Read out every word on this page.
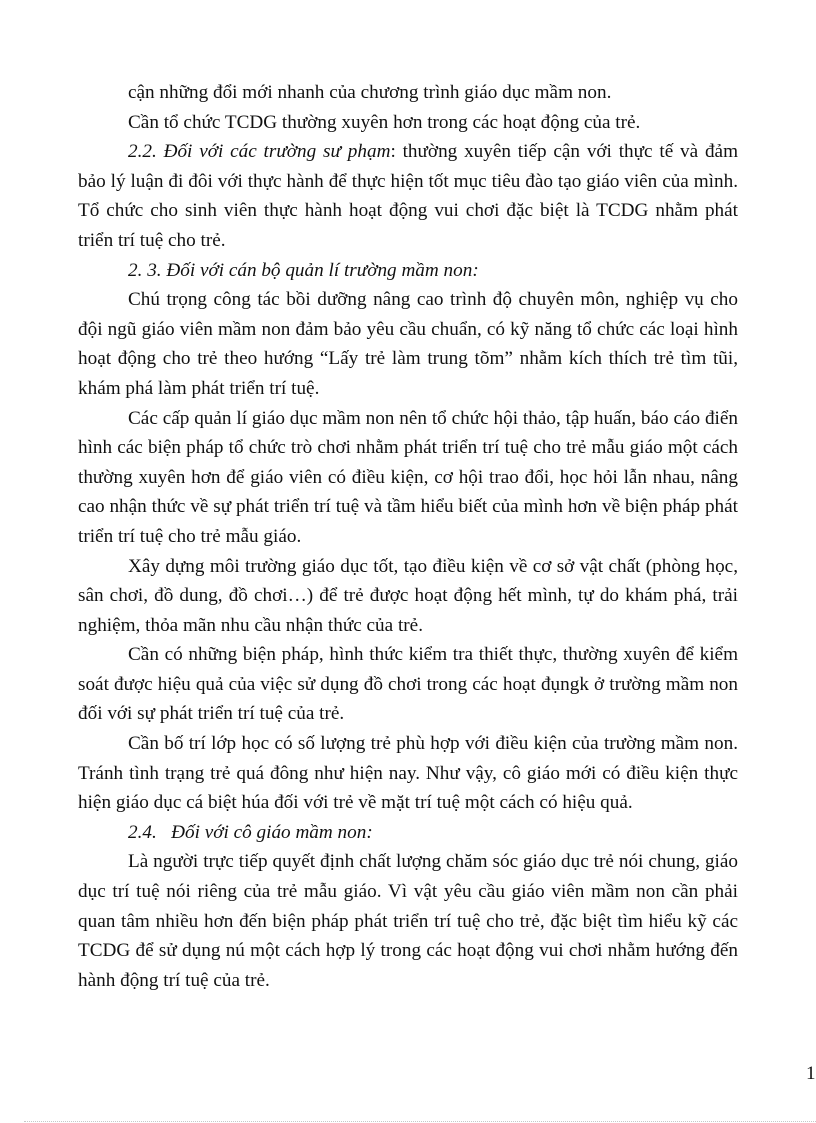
cận những đổi mới nhanh của chương trình giáo dục mầm non.

Cần tổ chức TCDG thường xuyên hơn trong các hoạt động của trẻ.

2.2. Đối với các trường sư phạm: thường xuyên tiếp cận với thực tế và đảm bảo lý luận đi đôi với thực hành để thực hiện tốt mục tiêu đào tạo giáo viên của mình. Tổ chức cho sinh viên thực hành hoạt động vui chơi đặc biệt là TCDG nhằm phát triển trí tuệ cho trẻ.

2. 3. Đối với cán bộ quản lí trường mầm non:

Chú trọng công tác bồi dưỡng nâng cao trình độ chuyên môn, nghiệp vụ cho đội ngũ giáo viên mầm non đảm bảo yêu cầu chuẩn, có kỹ năng tổ chức các loại hình hoạt động cho trẻ theo hướng “Lấy trẻ làm trung tõm” nhằm kích thích trẻ tìm tũi, khám phá làm phát triển trí tuệ.

Các cấp quản lí giáo dục mầm non nên tổ chức hội thảo, tập huấn, báo cáo điển hình các biện pháp tổ chức trò chơi nhằm phát triển trí tuệ cho trẻ mẫu giáo một cách thường xuyên hơn để giáo viên có điều kiện, cơ hội trao đổi, học hỏi lẫn nhau, nâng cao nhận thức về sự phát triển trí tuệ và tầm hiểu biết của mình hơn về biện pháp phát triển trí tuệ cho trẻ mẫu giáo.

Xây dựng môi trường giáo dục tốt, tạo điều kiện về cơ sở vật chất (phòng học, sân chơi, đồ dung, đồ chơi…) để trẻ được hoạt động hết mình, tự do khám phá, trải nghiệm, thỏa mãn nhu cầu nhận thức của trẻ.

Cần có những biện pháp, hình thức kiểm tra thiết thực, thường xuyên để kiểm soát được hiệu quả của việc sử dụng đồ chơi trong các hoạt đụngk ở trường mầm non đối với sự phát triển trí tuệ của trẻ.

Cần bố trí lớp học có số lượng trẻ phù hợp với điều kiện của trường mầm non. Tránh tình trạng trẻ quá đông như hiện nay. Như vậy, cô giáo mới có điều kiện thực hiện giáo dục cá biệt húa đối với trẻ về mặt trí tuệ một cách có hiệu quả.

2.4.   Đối với cô giáo mầm non:

Là người trực tiếp quyết định chất lượng chăm sóc giáo dục trẻ nói chung, giáo dục trí tuệ nói riêng của trẻ mẫu giáo. Vì vật yêu cầu giáo viên mầm non cần phải quan tâm nhiều hơn đến biện pháp phát triển trí tuệ cho trẻ, đặc biệt tìm hiểu kỹ các TCDG để sử dụng nú một cách hợp lý trong các hoạt động vui chơi nhằm hướng đến hành động trí tuệ của trẻ.

1
